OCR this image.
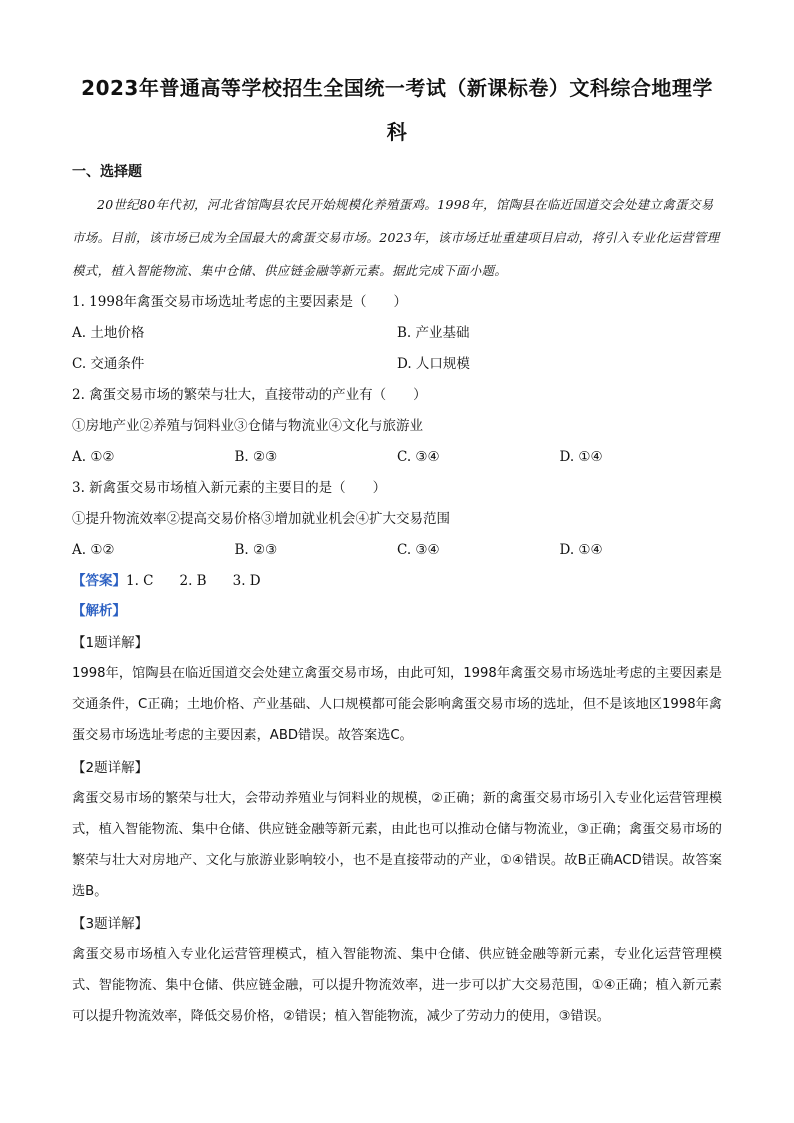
2023年普通高等学校招生全国统一考试（新课标卷）文科综合地理学
科
一、选择题

20世纪80年代初，河北省馆陶县农民开始规模化养殖蛋鸡。1998年，馆陶县在临近国道交会处建立禽蛋交易市场。目前，该市场已成为全国最大的禽蛋交易市场。2023年，该市场迁址重建项目启动，将引入专业化运营管理模式，植入智能物流、集中仓储、供应链金融等新元素。据此完成下面小题。

1. 1998年禽蛋交易市场选址考虑的主要因素是（　　）

A. 土地价格	B. 产业基础
C. 交通条件	D. 人口规模

2. 禽蛋交易市场的繁荣与壮大，直接带动的产业有（　　）

①房地产业②养殖与饲料业③仓储与物流业④文化与旅游业

A. ①②	B. ②③	C. ③④	D. ①④

3. 新禽蛋交易市场植入新元素的主要目的是（　　）

①提升物流效率②提高交易价格③增加就业机会④扩大交易范围

A. ①②	B. ②③	C. ③④	D. ①④
【答案】1. C 2. B 3. D
【解析】
【1题详解】

1998年，馆陶县在临近国道交会处建立禽蛋交易市场，由此可知，1998年禽蛋交易市场选址考虑的主要因素是交通条件，C正确；土地价格、产业基础、人口规模都可能会影响禽蛋交易市场的选址，但不是该地区1998年禽蛋交易市场选址考虑的主要因素，ABD错误。故答案选C。

【2题详解】

禽蛋交易市场的繁荣与壮大，会带动养殖业与饲料业的规模，②正确；新的禽蛋交易市场引入专业化运营管理模式，植入智能物流、集中仓储、供应链金融等新元素，由此也可以推动仓储与物流业，③正确；禽蛋交易市场的繁荣与壮大对房地产、文化与旅游业影响较小，也不是直接带动的产业，①④错误。故B正确ACD错误。故答案选B。

【3题详解】

禽蛋交易市场植入专业化运营管理模式，植入智能物流、集中仓储、供应链金融等新元素，专业化运营管理模式、智能物流、集中仓储、供应链金融，可以提升物流效率，进一步可以扩大交易范围，①④正确；植入新元素可以提升物流效率，降低交易价格，②错误；植入智能物流，减少了劳动力的使用，③错误。
